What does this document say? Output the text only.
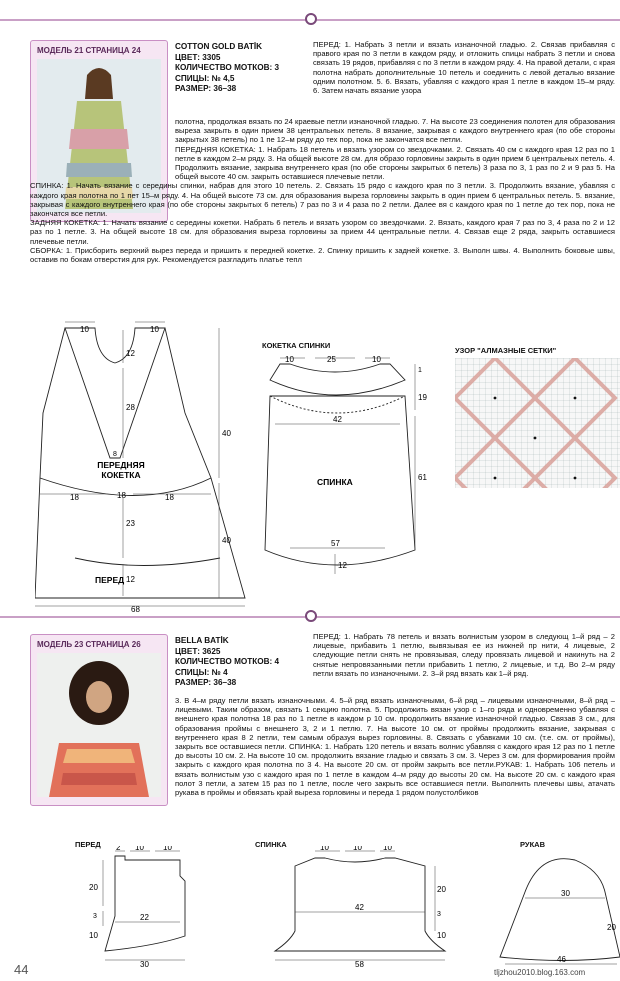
МОДЕЛЬ 21 СТРАНИЦА 24	COTTON GOLD BATİK
ЦВЕТ: 3305
КОЛИЧЕСТВО МОТКОВ: 3
СПИЦЫ: № 4,5
РАЗМЕР: 36–38
ПЕРЕД: 1. Набрать 3 петли и вязать изнаночной гладью. 2. Связав прибавляя с правого края по 3 петли в каждом ряду, и отложить спицы набрать 3 петли и снова связать 19 рядов, прибавляя с по 3 петли в каждом ряду. 4. На правой детали, с края полотна набрать дополнительные 10 петель и соединить с левой деталью вязание одним полотном. 5. 6. Вязать, убавляя с каждого края 1 петле в каждом 15–м ряду. 6. Затем начать вязание узора

полотна, продолжая вязать по 24 краевые петли изнаночной гладью. 7. На высоте 23 соединения полотен для образования выреза закрыть в один прием 38 центральных петель. 8 вязание, закрывая с каждого внутреннего края (по обе стороны закрытых 38 петель) по 1 пе 12–м ряду до тех пор, пока не закончатся все петли.

ПЕРЕДНЯЯ КОКЕТКА: 1. Набрать 18 петель и вязать узором со звездочками. 2. Связать 40 см с каждого края 12 раз по 1 петле в каждом 2–м ряду. 3. На общей высоте 28 см. для образо горловины закрыть в один прием 6 центральных петель. 4. Продолжить вязание, закрыва внутреннего края (по обе стороны закрытых 6 петель) 3 раза по 3, 1 раз по 2 и 9 раз 5. На общей высоте 40 см. закрыть оставшиеся плечевые петли.

СПИНКА: 1. Начать вязание с середины спинки, набрав для этого 10 петель. 2. Связать 15 рядо с каждого края по 3 петли. 3. Продолжить вязание, убавляя с каждого края полотна по 1 пет 15–м ряду. 4. На общей высоте 73 см. для образования выреза горловины закрыть в один прием 6 центральных петель. 5. вязание, закрывая с каждого внутреннего края (по обе стороны закрытых 6 петель) 7 раз по 3 и 4 раза по 2 петли. Далее вя с каждого края по 1 петле до тех пор, пока не закончатся все петли.

ЗАДНЯЯ КОКЕТКА: 1. Начать вязание с середины кокетки. Набрать 6 петель и вязать узором со звездочками. 2. Вязать, каждого края 7 раз по 3, 4 раза по 2 и 12 раз по 1 петле. 3. На общей высоте 18 см. для образования выреза горловины за прием 44 центральные петли. 4. Связав еще 2 ряда, закрыть оставшиеся плечевые петли.

СБОРКА: 1. Присборить верхний вырез переда и пришить к передней кокетке. 2. Спинку пришить к задней кокетке. 3. Выполн швы. 4. Выполнить боковые швы, оставив по бокам отверстия для рук. Рекомендуется разгладить платье тепл

10	10
12
28
8
ПЕРЕДНЯЯ
КОКЕТКА
40
18	18	18
23
40
ПЕРЕД 12
68
КОКЕТКА СПИНКИ
10	25	10
1
19
42
СПИНКА	61
57
12
УЗОР "АЛМАЗНЫЕ СЕТКИ"
МОДЕЛЬ 23 СТРАНИЦА 26	BELLA BATİK
ЦВЕТ: 3625
КОЛИЧЕСТВО МОТКОВ: 4
СПИЦЫ: № 4
РАЗМЕР: 36–38
ПЕРЕД: 1. Набрать 78 петель и вязать волнистым узором в следующ 1–й ряд – 2 лицевые, прибавить 1 петлю, вывязывая ее из нижней пр нити, 4 лицевые, 2 следующие петли снять не провязывая, следу провязать лицевой и накинуть на 2 снятые непровязанными петли прибавить 1 петлю, 2 лицевые, и т.д. Во 2–м ряду петли вязать по изнаночными. 2. 3–й ряд вязать как 1–й ряд.
3. В 4–м ряду петли вязать изнаночными. 4. 5–й ряд вязать изнаночными, 6–й ряд – лицевыми изнаночными, 8–й ряд – лицевыми. Таким образом, связать 1 секцию полотна. 5. Продолжить вязан узор с 1–го ряда и одновременно убавляя с внешнего края полотна 18 раз по 1 петле в каждом р 10 см. продолжить вязание изнаночной гладью. Связав 3 см., для образования проймы с внешнего 3, 2 и 1 петлю. 7. На высоте 10 см. от проймы продолжить вязание, закрывая с внутреннего края 8 2 петли, тем самым образуя вырез горловины. 8. Связать с убавками 10 см. (т.е. см. от проймы), закрыть все оставшиеся петли. СПИНКА: 1. Набрать 120 петель и вязать волнис убавляя с каждого края 12 раз по 1 петле до высоты 10 см. 2. На высоте 10 см. продолжить вязание гладью и связать 3 см. 3. Через 3 см. для формирования пройм закрыть с каждого края полотна по 3 4. На высоте 20 см. от пройм закрыть все петли.РУКАВ: 1. Набрать 106 петель и вязать волнистым узо с каждого края по 1 петле в каждом 4–м ряду до высоты 20 см. На высоте 20 см. с каждого края полот 3 петли, а затем 15 раз по 1 петле, после чего закрыть все оставшиеся петли. Выполнить плечевы швы, атачать рукава в проймы и обвязать край выреза горловины и переда 1 рядом полустолбиков
ПЕРЕД 2 10 10
20
3
10
22
30
СПИНКА	10	10	10
20
42
3
10
58
РУКАВ
30
20
46
44	tljzhou2010.blog.163.com
